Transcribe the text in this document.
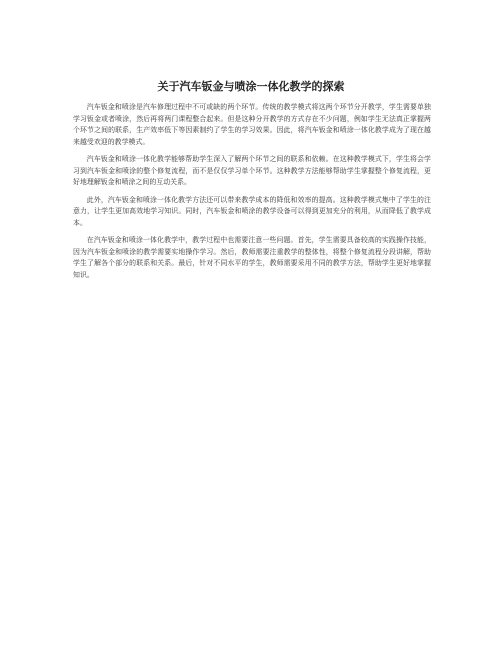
关于汽车钣金与喷涂一体化教学的探索

汽车钣金和喷涂是汽车修理过程中不可或缺的两个环节。传统的教学模式将这两个环节分开教学，学生需要单独学习钣金或者喷涂，然后再将两门课程整合起来。但是这种分开教学的方式存在不少问题，例如学生无法真正掌握两个环节之间的联系，生产效率低下等因素制约了学生的学习效果。因此，将汽车钣金和喷涂一体化教学成为了现在越来越受欢迎的教学模式。

汽车钣金和喷涂一体化教学能够帮助学生深入了解两个环节之间的联系和依赖。在这种教学模式下，学生将会学习到汽车钣金和喷涂的整个修复流程，而不是仅仅学习单个环节。这种教学方法能够帮助学生掌握整个修复流程，更好地理解钣金和喷涂之间的互动关系。

此外，汽车钣金和喷涂一体化教学方法还可以带来教学成本的降低和效率的提高。这种教学模式集中了学生的注意力，让学生更加高效地学习知识。同时，汽车钣金和喷涂的教学设备可以得到更加充分的利用，从而降低了教学成本。

在汽车钣金和喷涂一体化教学中，教学过程中也需要注意一些问题。首先，学生需要具备较高的实践操作技能，因为汽车钣金和喷涂的教学需要实地操作学习。然后，教师需要注重教学的整体性，将整个修复流程分段讲解，帮助学生了解各个部分的联系和关系。最后，针对不同水平的学生，教师需要采用不同的教学方法，帮助学生更好地掌握知识。
